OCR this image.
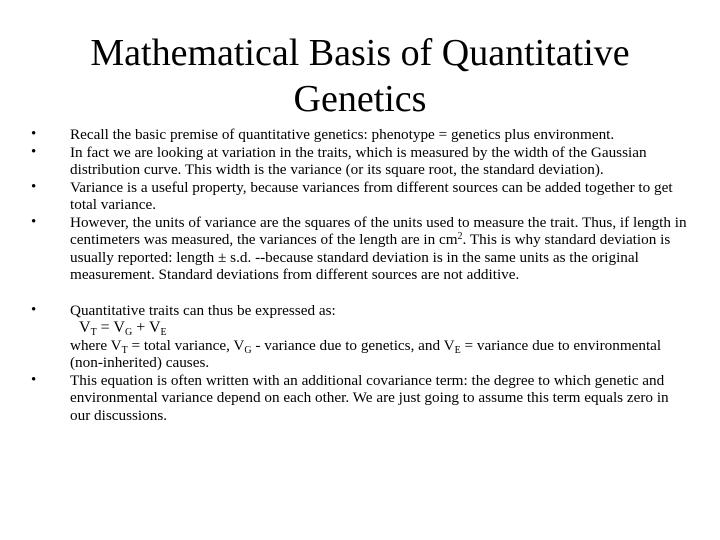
Mathematical Basis of Quantitative
Genetics

•	Recall the basic premise of quantitative genetics: phenotype = genetics plus environment.

•	In fact we are looking at variation in the traits, which is measured by the width of the Gaussian distribution curve. This width is the variance (or its square root, the standard deviation).

•	Variance is a useful property, because variances from different sources can be added together to get total variance.

•	However, the units of variance are the squares of the units used to measure the trait. Thus, if length in centimeters was measured, the variances of the length are in $cm^2$. This is why standard deviation is usually reported: length ± s.d. --because standard deviation is in the same units as the original measurement. Standard deviations from different sources are not additive.

•	Quantitative traits can thus be expressed as:
$V_T = V_G + V_E$
where $V_T$ = total variance, $V_G$ - variance due to genetics, and $V_E$ = variance due to environmental (non-inherited) causes.

•	This equation is often written with an additional covariance term: the degree to which genetic and environmental variance depend on each other. We are just going to assume this term equals zero in our discussions.
